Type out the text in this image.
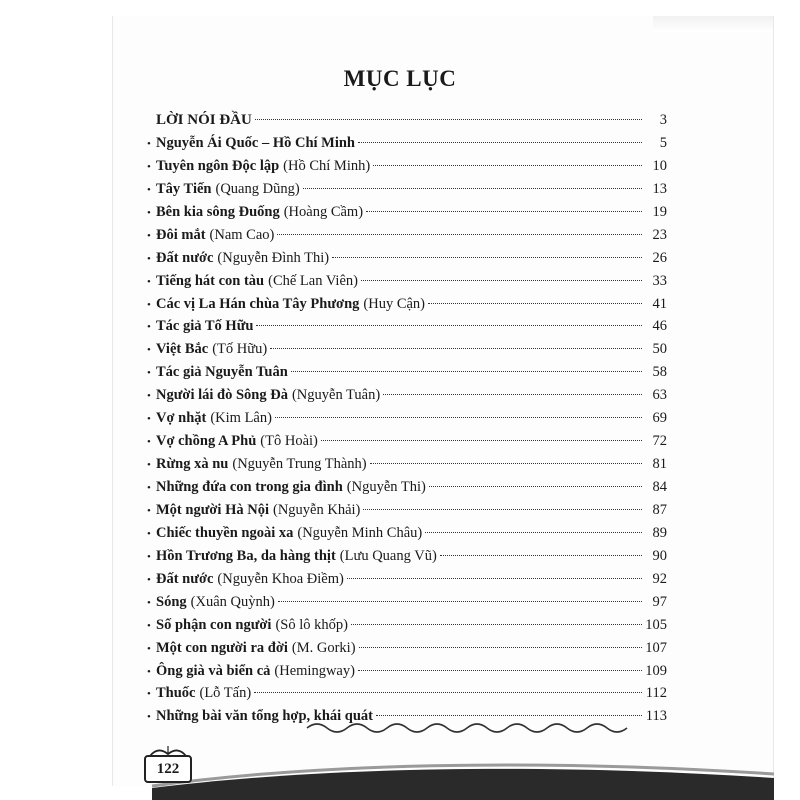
MỤC LỤC
LỜI NÓI ĐẦU	3
• Nguyễn Ái Quốc – Hồ Chí Minh	5
• Tuyên ngôn Độc lập (Hồ Chí Minh)	10
• Tây Tiến (Quang Dũng)	13
• Bên kia sông Đuống (Hoàng Cầm)	19
• Đôi mắt (Nam Cao)	23
• Đất nước (Nguyễn Đình Thi)	26
• Tiếng hát con tàu (Chế Lan Viên)	33
• Các vị La Hán chùa Tây Phương (Huy Cận)	41
• Tác giả Tố Hữu	46
• Việt Bắc (Tố Hữu)	50
• Tác giả Nguyễn Tuân	58
• Người lái đò Sông Đà (Nguyễn Tuân)	63
• Vợ nhặt (Kim Lân)	69
• Vợ chồng A Phủ (Tô Hoài)	72
• Rừng xà nu (Nguyễn Trung Thành)	81
• Những đứa con trong gia đình (Nguyễn Thi)	84
• Một người Hà Nội (Nguyễn Khải)	87
• Chiếc thuyền ngoài xa (Nguyễn Minh Châu)	89
• Hồn Trương Ba, da hàng thịt (Lưu Quang Vũ)	90
• Đất nước (Nguyễn Khoa Điềm)	92
• Sóng (Xuân Quỳnh)	97
• Số phận con người (Sô lô khốp)	105
• Một con người ra đời (M. Gorki)	107
• Ông già và biển cả (Hemingway)	109
• Thuốc (Lỗ Tấn)	112
• Những bài văn tổng hợp, khái quát	113
122
